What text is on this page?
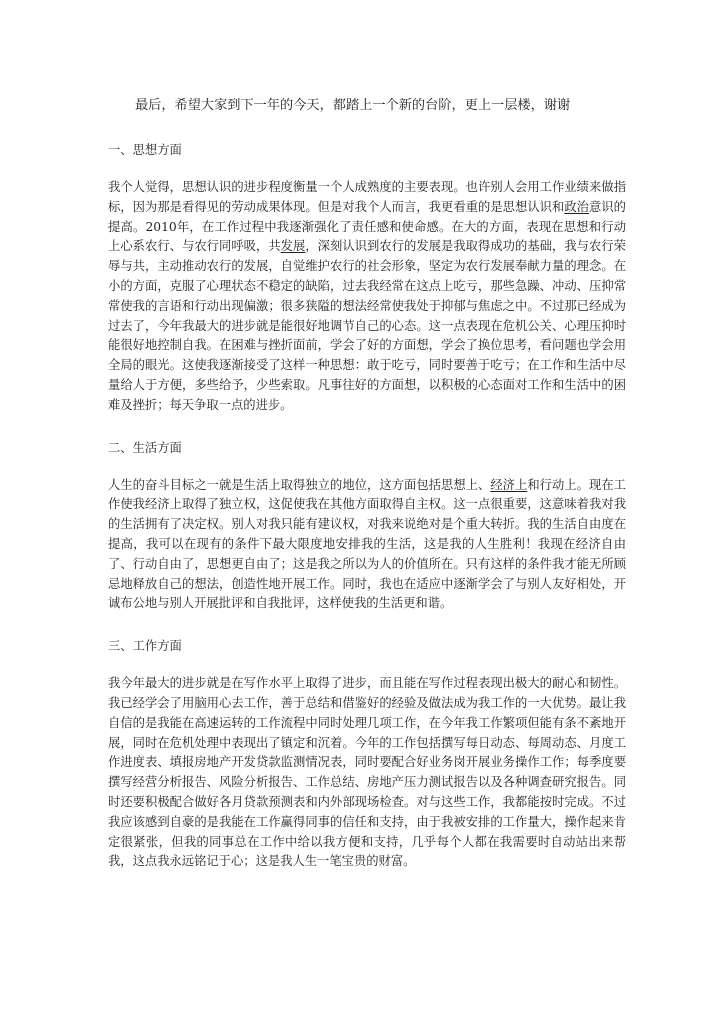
最后，希望大家到下一年的今天，都踏上一个新的台阶，更上一层楼，谢谢

一、思想方面

我个人觉得，思想认识的进步程度衡量一个人成熟度的主要表现。也许别人会用工作业绩来做指标，因为那是看得见的劳动成果体现。但是对我个人而言，我更看重的是思想认识和政治意识的提高。2010年，在工作过程中我逐渐强化了责任感和使命感。在大的方面，表现在思想和行动上心系农行、与农行同呼吸，共发展，深刻认识到农行的发展是我取得成功的基础，我与农行荣辱与共，主动推动农行的发展，自觉维护农行的社会形象，坚定为农行发展奉献力量的理念。在小的方面，克服了心理状态不稳定的缺陷，过去我经常在这点上吃亏，那些急躁、冲动、压抑常常使我的言语和行动出现偏激；很多狭隘的想法经常使我处于抑郁与焦虑之中。不过那已经成为过去了，今年我最大的进步就是能很好地调节自己的心态。这一点表现在危机公关、心理压抑时能很好地控制自我。在困难与挫折面前，学会了好的方面想，学会了换位思考，看问题也学会用全局的眼光。这使我逐渐接受了这样一种思想：敢于吃亏，同时要善于吃亏；在工作和生活中尽量给人于方便，多些给予，少些索取。凡事往好的方面想，以积极的心态面对工作和生活中的困难及挫折；每天争取一点的进步。

二、生活方面

人生的奋斗目标之一就是生活上取得独立的地位，这方面包括思想上、经济上和行动上。现在工作使我经济上取得了独立权，这促使我在其他方面取得自主权。这一点很重要，这意味着我对我的生活拥有了决定权。别人对我只能有建议权，对我来说绝对是个重大转折。我的生活自由度在提高，我可以在现有的条件下最大限度地安排我的生活，这是我的人生胜利！我现在经济自由了、行动自由了，思想更自由了；这是我之所以为人的价值所在。只有这样的条件我才能无所顾忌地释放自己的想法，创造性地开展工作。同时，我也在适应中逐渐学会了与别人友好相处，开诚布公地与别人开展批评和自我批评，这样使我的生活更和谐。

三、工作方面

我今年最大的进步就是在写作水平上取得了进步，而且能在写作过程表现出极大的耐心和韧性。我已经学会了用脑用心去工作，善于总结和借鉴好的经验及做法成为我工作的一大优势。最让我自信的是我能在高速运转的工作流程中同时处理几项工作，在今年我工作繁项但能有条不紊地开展，同时在危机处理中表现出了镇定和沉着。今年的工作包括撰写每日动态、每周动态、月度工作进度表、填报房地产开发贷款监测情况表，同时要配合好业务岗开展业务操作工作；每季度要撰写经营分析报告、风险分析报告、工作总结、房地产压力测试报告以及各种调查研究报告。同时还要积极配合做好各月贷款预测表和内外部现场检查。对与这些工作，我都能按时完成。不过我应该感到自豪的是我能在工作赢得同事的信任和支持，由于我被安排的工作量大，操作起来肯定很紧张，但我的同事总在工作中给以我方便和支持，几乎每个人都在我需要时自动站出来帮我，这点我永远铭记于心；这是我人生一笔宝贵的财富。
